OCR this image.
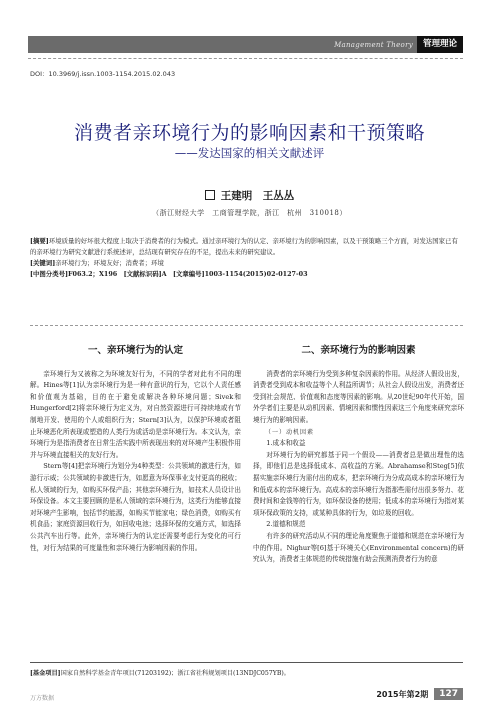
Management Theory	管理理论
DOI：10.3969/j.issn.1003-1154.2015.02.043
消费者亲环境行为的影响因素和干预策略
——发达国家的相关文献述评
王建明　王丛丛
（浙江财经大学　工商管理学院，浙江　杭州　310018）

[摘要]环境质量的好坏很大程度上取决于消费者的行为模式。通过亲环境行为的认定、亲环境行为的影响因素，以及干预策略三个方面，对发达国家已有的亲环境行为研究文献进行系统述评，总结现有研究存在的不足，提出未来的研究建议。

[关键词]亲环境行为；环境友好；消费者；环境

[中图分类号]F063.2；X196　[文献标识码]A　[文章编号]1003-1154(2015)02-0127-03

一、亲环境行为的认定

亲环境行为又被称之为环境友好行为，不同的学者对此有不同的理解。Hines等[1]认为亲环境行为是一种有意识的行为，它以个人责任感和价值观为基础，目的在于避免或解决各种环境问题；Sivek和Hungerford[2]将亲环境行为定义为，对自然资源进行可持续地或有节制地开发、使用的个人或组织行为；Stern[3]认为，以保护环境或者阻止环境恶化所表现或塑造的人类行为或活动是亲环境行为。本文认为，亲环境行为是指消费者在日常生活实践中所表现出来的对环境产生积极作用并与环境直接相关的友好行为。

Stern等[4]把亲环境行为划分为4种类型：公共领域的激进行为，如游行示威；公共领域的非激进行为，如愿意为环保事业支付更高的税收；私人领域的行为，如购买环保产品；其他亲环境行为，如技术人员设计出环保设备。本文主要回顾的是私人领域的亲环境行为，这类行为能够直接对环境产生影响，包括节约能源，如购买节能家电；绿色消费，如购买有机食品；家庭资源回收行为，如回收电池；选择环保的交通方式，如选择公共汽车出行等。此外，亲环境行为的认定还需要考虑行为变化的可行性，对行为结果的可度量性和亲环境行为影响因素的作用。

二、亲环境行为的影响因素

消费者的亲环境行为受到多种复杂因素的作用。从经济人假设出发，消费者受到成本和收益等个人利益所调节；从社会人假设出发，消费者还受到社会规范、价值观和态度等因素的影响。从20世纪90年代开始，国外学者们主要是从动机因素、情境因素和惯性因素这三个角度来研究亲环境行为的影响因素。

（一）动机因素

1.成本和收益

对环境行为的研究都基于同一个假设——消费者总是做出理性的选择，即他们总是选择低成本、高收益的方案。Abrahamse和Steg[5]依据实施亲环境行为需付出的成本，把亲环境行为分成高成本的亲环境行为和低成本的亲环境行为。高成本的亲环境行为指那些需付出很多努力、花费时间和金钱等的行为，如环保设备的使用；低成本的亲环境行为指对某项环保政策的支持，或某种具体的行为，如垃圾的回收。

2.道德和规范

有许多的研究活动从不同的理论角度聚焦于道德和规范在亲环境行为中的作用。Nighur等[6]基于环境关心(Environmental concern)的研究认为，消费者主体规范的传统措施有助会预测消费者行为的意

[基金项目]国家自然科学基金青年项目(71203192)；浙江省社科规划项目(13NDJC057YB)。
万方数据	2015年第2期	127
